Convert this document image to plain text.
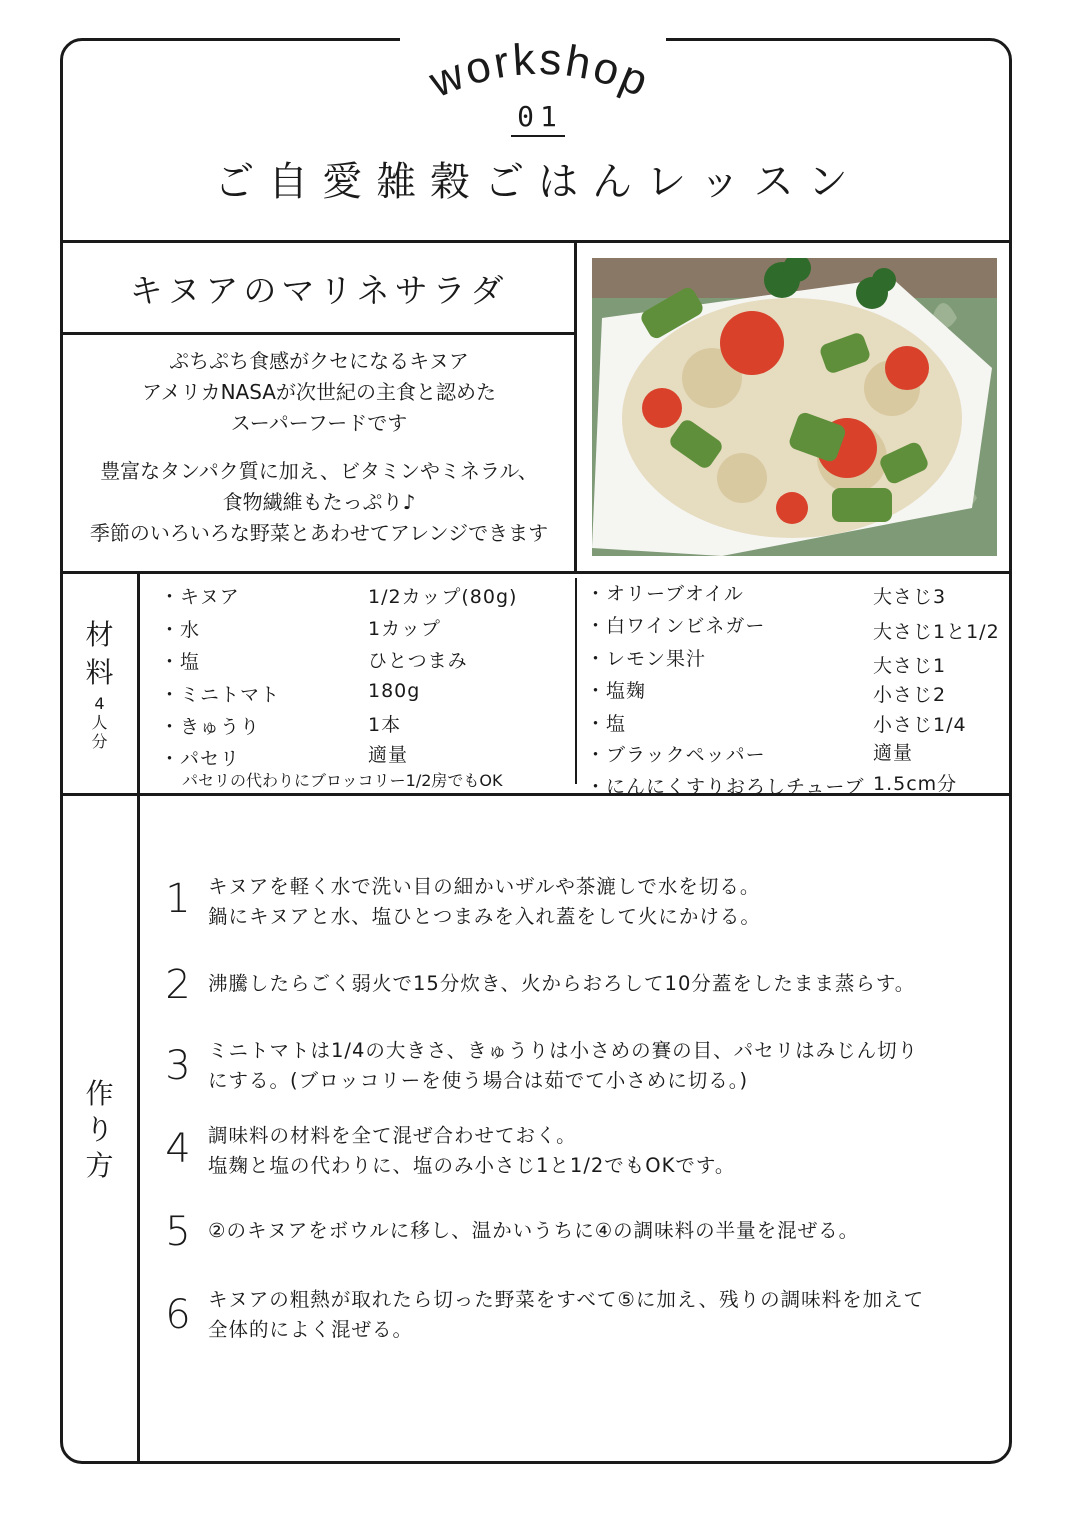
workshop
01
ご自愛雑穀ごはんレッスン
キヌアのマリネサラダ
ぷちぷち食感がクセになるキヌア
アメリカNASAが次世紀の主食と認めた
スーパーフードです
豊富なタンパク質に加え、ビタミンやミネラル、
食物繊維もたっぷり♪
季節のいろいろな野菜とあわせてアレンジできます
材
料
4
人
分
・キヌア	1/2カップ(80g)
・水	1カップ
・塩	ひとつまみ
・ミニトマト	180g
・きゅうり	1本
・パセリ	適量
パセリの代わりにブロッコリー1/2房でもOK
・オリーブオイル	大さじ3
・白ワインビネガー	大さじ1と1/2
・レモン果汁	大さじ1
・塩麹	小さじ2
・塩	小さじ1/4
・ブラックペッパー	適量
・にんにくすりおろしチューブ 1.5cm分
作
り
方
1 キヌアを軽く水で洗い目の細かいザルや茶漉しで水を切る。
鍋にキヌアと水、塩ひとつまみを入れ蓋をして火にかける。
2 沸騰したらごく弱火で15分炊き、火からおろして10分蓋をしたまま蒸らす。
3 ミニトマトは1/4の大きさ、きゅうりは小さめの賽の目、パセリはみじん切り
にする。(ブロッコリーを使う場合は茹でて小さめに切る。)
4 調味料の材料を全て混ぜ合わせておく。
塩麹と塩の代わりに、塩のみ小さじ1と1/2でもOKです。
5 ②のキヌアをボウルに移し、温かいうちに④の調味料の半量を混ぜる。
6 キヌアの粗熱が取れたら切った野菜をすべて⑤に加え、残りの調味料を加えて
全体的によく混ぜる。
